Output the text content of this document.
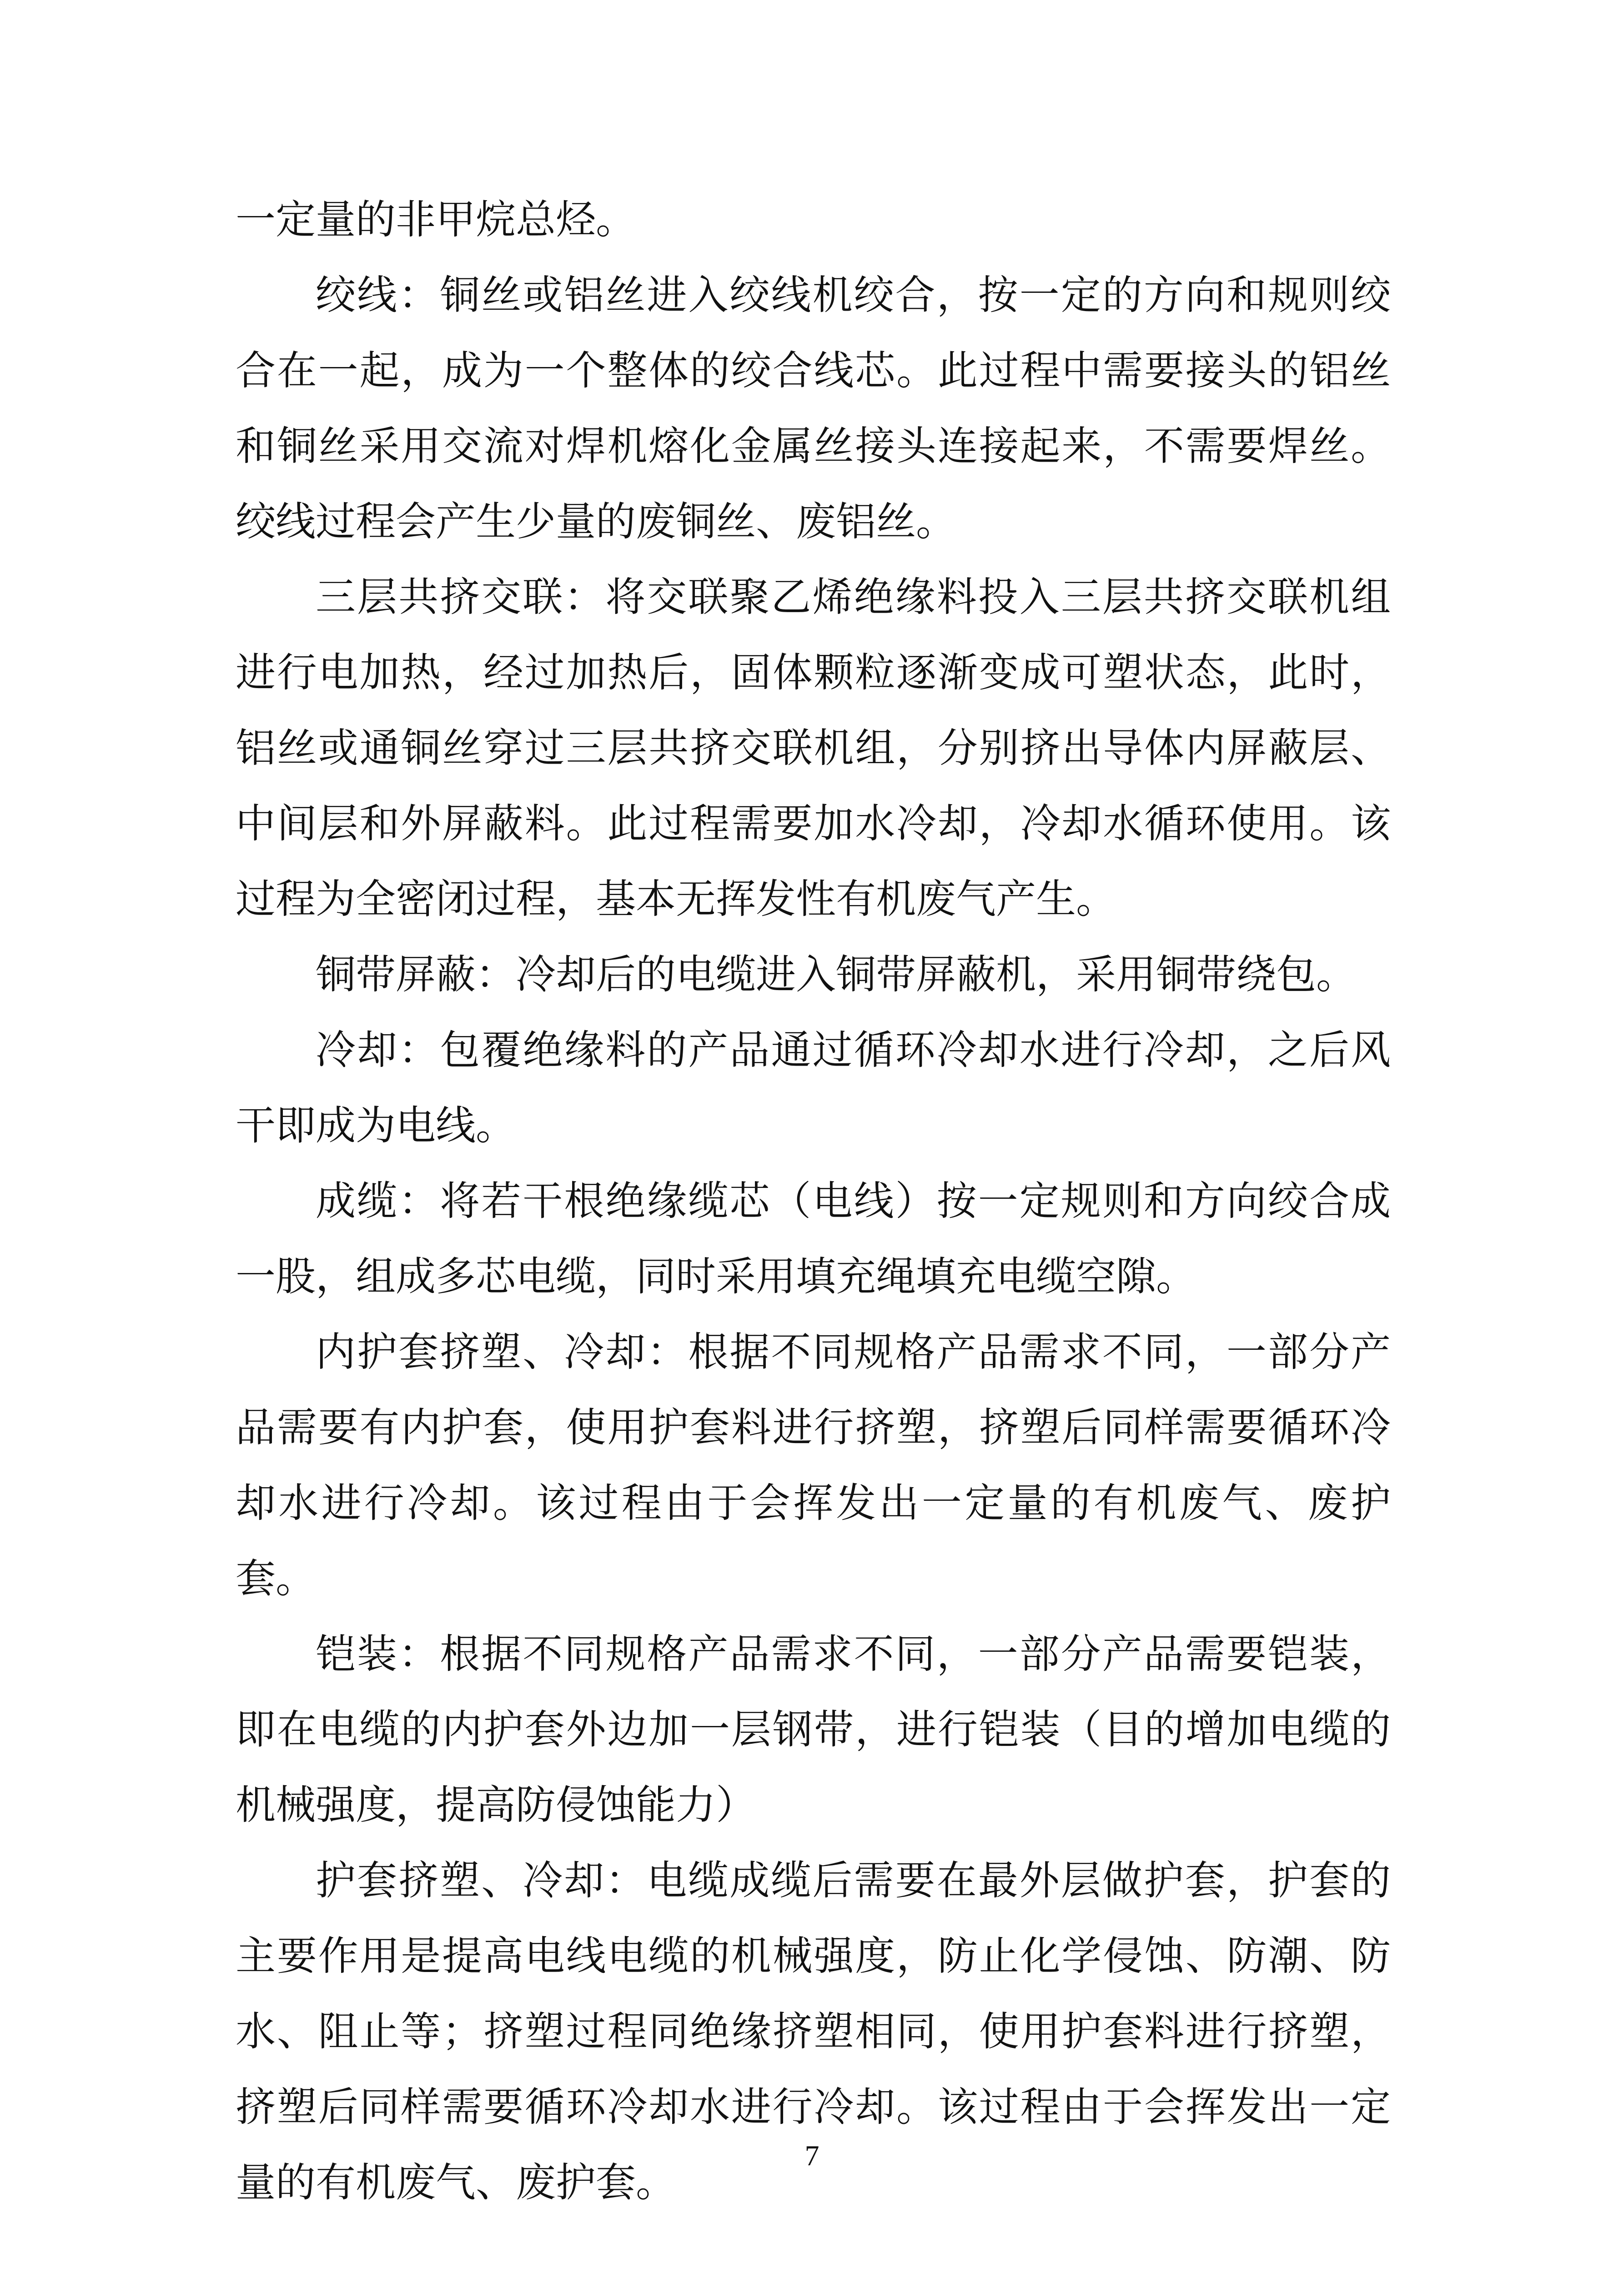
一定量的非甲烷总烃。

绞线：铜丝或铝丝进入绞线机绞合，按一定的方向和规则绞合在一起，成为一个整体的绞合线芯。此过程中需要接头的铝丝和铜丝采用交流对焊机熔化金属丝接头连接起来，不需要焊丝。绞线过程会产生少量的废铜丝、废铝丝。

三层共挤交联：将交联聚乙烯绝缘料投入三层共挤交联机组进行电加热，经过加热后，固体颗粒逐渐变成可塑状态，此时，铝丝或通铜丝穿过三层共挤交联机组，分别挤出导体内屏蔽层、中间层和外屏蔽料。此过程需要加水冷却，冷却水循环使用。该过程为全密闭过程，基本无挥发性有机废气产生。

铜带屏蔽：冷却后的电缆进入铜带屏蔽机，采用铜带绕包。

冷却：包覆绝缘料的产品通过循环冷却水进行冷却，之后风干即成为电线。

成缆：将若干根绝缘缆芯（电线）按一定规则和方向绞合成一股，组成多芯电缆，同时采用填充绳填充电缆空隙。

内护套挤塑、冷却：根据不同规格产品需求不同，一部分产品需要有内护套，使用护套料进行挤塑，挤塑后同样需要循环冷却水进行冷却。该过程由于会挥发出一定量的有机废气、废护套。

铠装：根据不同规格产品需求不同，一部分产品需要铠装，即在电缆的内护套外边加一层钢带，进行铠装（目的增加电缆的机械强度，提高防侵蚀能力）

护套挤塑、冷却：电缆成缆后需要在最外层做护套，护套的主要作用是提高电线电缆的机械强度，防止化学侵蚀、防潮、防水、阻止等；挤塑过程同绝缘挤塑相同，使用护套料进行挤塑，挤塑后同样需要循环冷却水进行冷却。该过程由于会挥发出一定量的有机废气、废护套。

7
